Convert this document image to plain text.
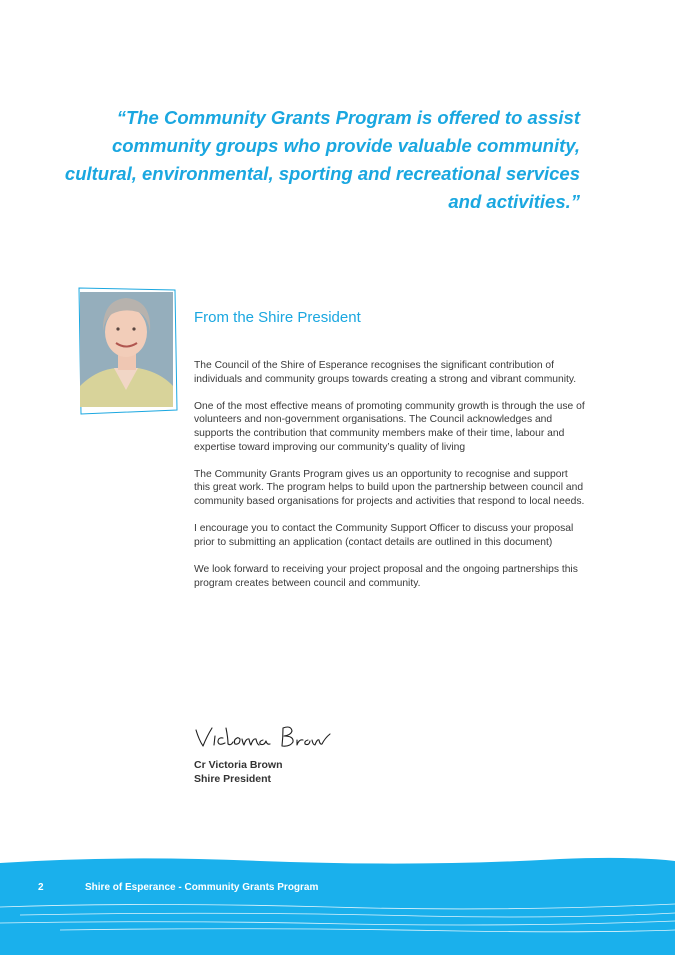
“The Community Grants Program is offered to assist community groups who provide valuable community, cultural, environmental, sporting and recreational services and activities.”

From the Shire President

The Council of the Shire of Esperance recognises the significant contribution of individuals and community groups towards creating a strong and vibrant community.

One of the most effective means of promoting community growth is through the use of volunteers and non-government organisations. The Council acknowledges and supports the contribution that community members make of their time, labour and expertise toward improving our community’s quality of living

The Community Grants Program gives us an opportunity to recognise and support this great work. The program helps to build upon the partnership between council and community based organisations for projects and activities that respond to local needs.

I encourage you to contact the Community Support Officer to discuss your proposal prior to submitting an application (contact details are outlined in this document)

We look forward to receiving your project proposal and the ongoing partnerships this program creates between council and community.

Cr Victoria Brown
Shire President
2	Shire of Esperance - Community Grants Program
